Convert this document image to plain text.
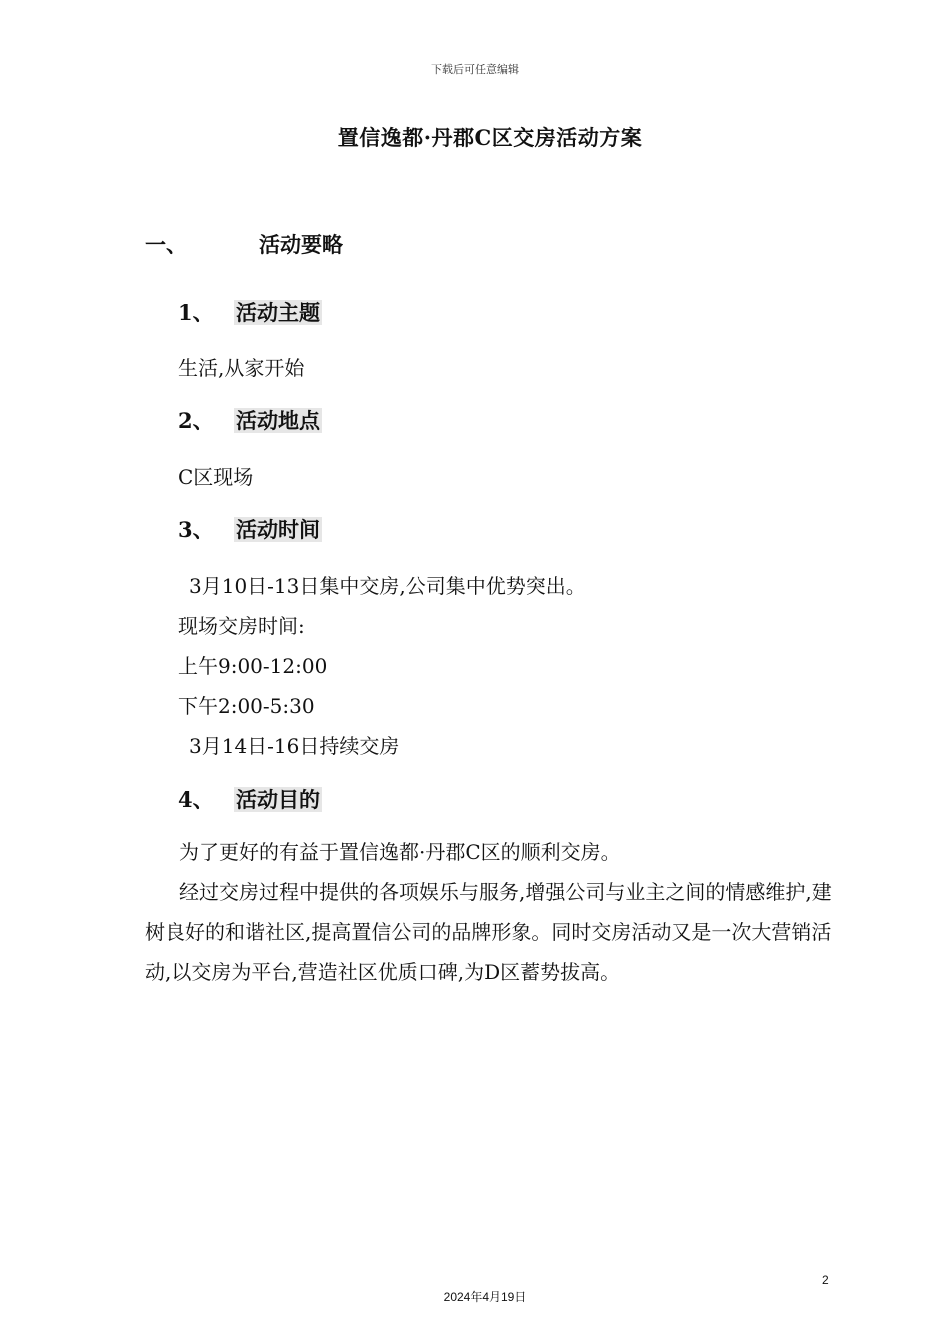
下载后可任意编辑
置信逸都·丹郡C区交房活动方案
一、	活动要略
1、 活动主题
生活,从家开始
2、 活动地点
C区现场
3、 活动时间
3月10日-13日集中交房,公司集中优势突出。
现场交房时间:
上午9:00-12:00
下午2:00-5:30
3月14日-16日持续交房
4、 活动目的
为了更好的有益于置信逸都·丹郡C区的顺利交房。
经过交房过程中提供的各项娱乐与服务,增强公司与业主之间的情感维护,建树良好的和谐社区,提高置信公司的品牌形象。同时交房活动又是一次大营销活动,以交房为平台,营造社区优质口碑,为D区蓄势拔高。
2
2024年4月19日
